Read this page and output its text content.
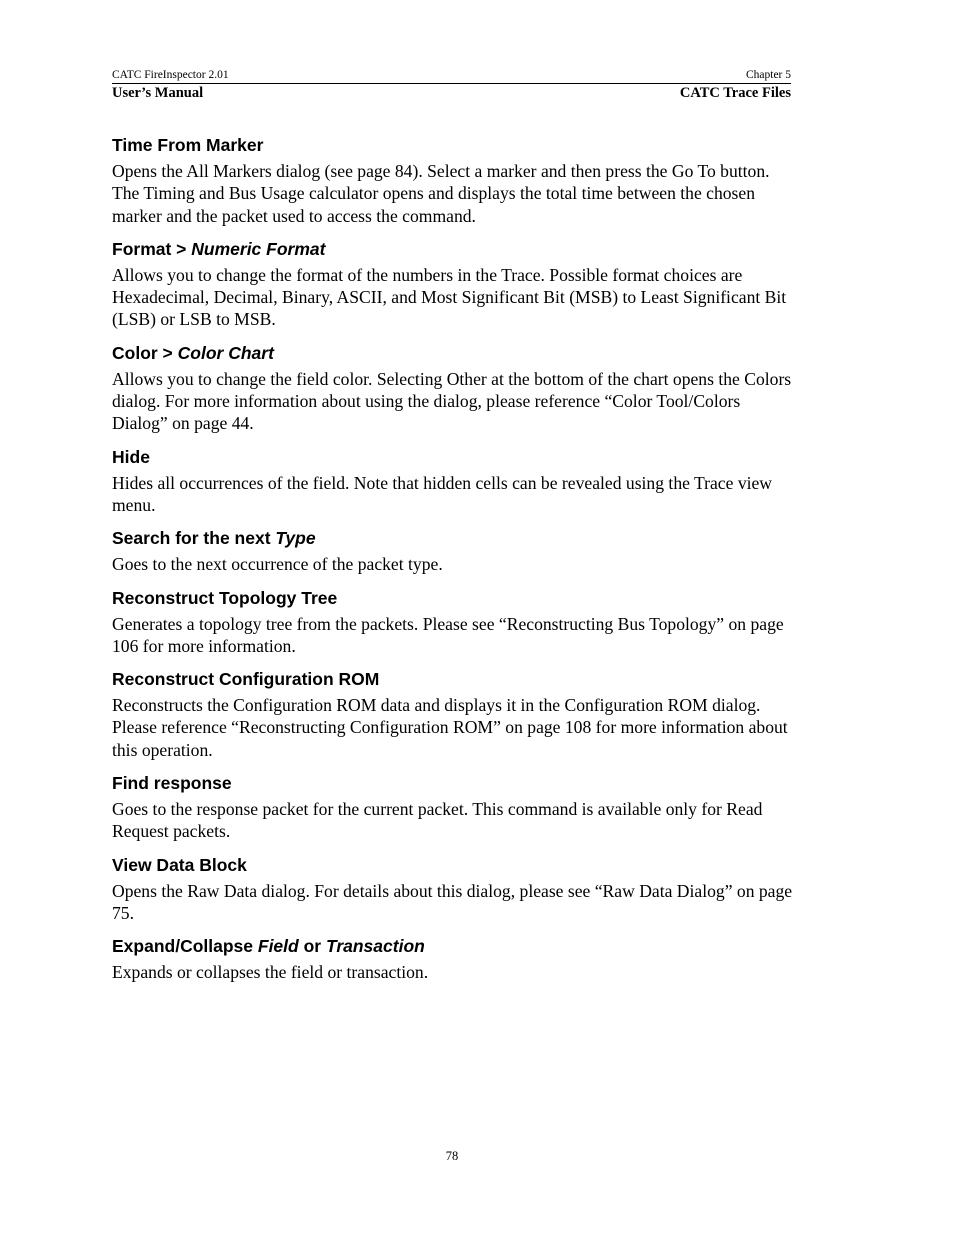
CATC FireInspector 2.01	Chapter 5
User’s Manual	CATC Trace Files
Time From Marker

Opens the All Markers dialog (see page 84). Select a marker and then press the Go To button. The Timing and Bus Usage calculator opens and displays the total time between the chosen marker and the packet used to access the command.

Format > Numeric Format

Allows you to change the format of the numbers in the Trace. Possible format choices are Hexadecimal, Decimal, Binary, ASCII, and Most Significant Bit (MSB) to Least Significant Bit (LSB) or LSB to MSB.

Color > Color Chart

Allows you to change the field color. Selecting Other at the bottom of the chart opens the Colors dialog. For more information about using the dialog, please reference “Color Tool/Colors Dialog” on page 44.

Hide

Hides all occurrences of the field. Note that hidden cells can be revealed using the Trace view menu.

Search for the next Type

Goes to the next occurrence of the packet type.

Reconstruct Topology Tree

Generates a topology tree from the packets. Please see “Reconstructing Bus Topology” on page 106 for more information.

Reconstruct Configuration ROM

Reconstructs the Configuration ROM data and displays it in the Configuration ROM dialog. Please reference “Reconstructing Configuration ROM” on page 108 for more information about this operation.

Find response

Goes to the response packet for the current packet. This command is available only for Read Request packets.

View Data Block

Opens the Raw Data dialog. For details about this dialog, please see “Raw Data Dialog” on page 75.

Expand/Collapse Field or Transaction

Expands or collapses the field or transaction.

78
